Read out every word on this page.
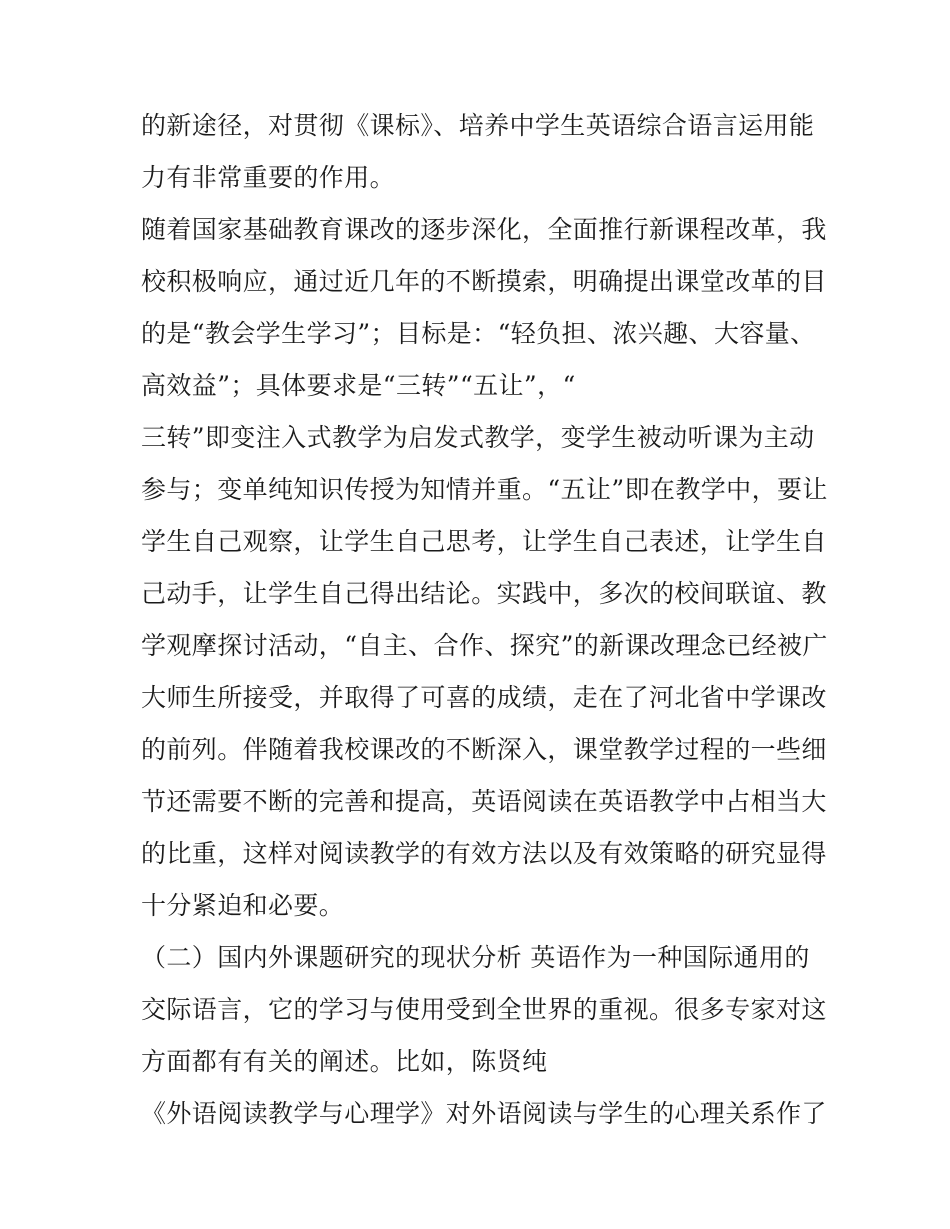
的新途径，对贯彻《课标》、培养中学生英语综合语言运用能
力有非常重要的作用。
随着国家基础教育课改的逐步深化，全面推行新课程改革，我
校积极响应，通过近几年的不断摸索，明确提出课堂改革的目
的是“教会学生学习”；目标是：“轻负担、浓兴趣、大容量、
高效益”；具体要求是“三转”“五让”，“
三转”即变注入式教学为启发式教学，变学生被动听课为主动
参与；变单纯知识传授为知情并重。“五让”即在教学中，要让
学生自己观察，让学生自己思考，让学生自己表述，让学生自
己动手，让学生自己得出结论。实践中，多次的校间联谊、教
学观摩探讨活动，“自主、合作、探究”的新课改理念已经被广
大师生所接受，并取得了可喜的成绩，走在了河北省中学课改
的前列。伴随着我校课改的不断深入，课堂教学过程的一些细
节还需要不断的完善和提高，英语阅读在英语教学中占相当大
的比重，这样对阅读教学的有效方法以及有效策略的研究显得
十分紧迫和必要。
（二）国内外课题研究的现状分析 英语作为一种国际通用的
交际语言，它的学习与使用受到全世界的重视。很多专家对这
方面都有有关的阐述。比如，陈贤纯
《外语阅读教学与心理学》对外语阅读与学生的心理关系作了
